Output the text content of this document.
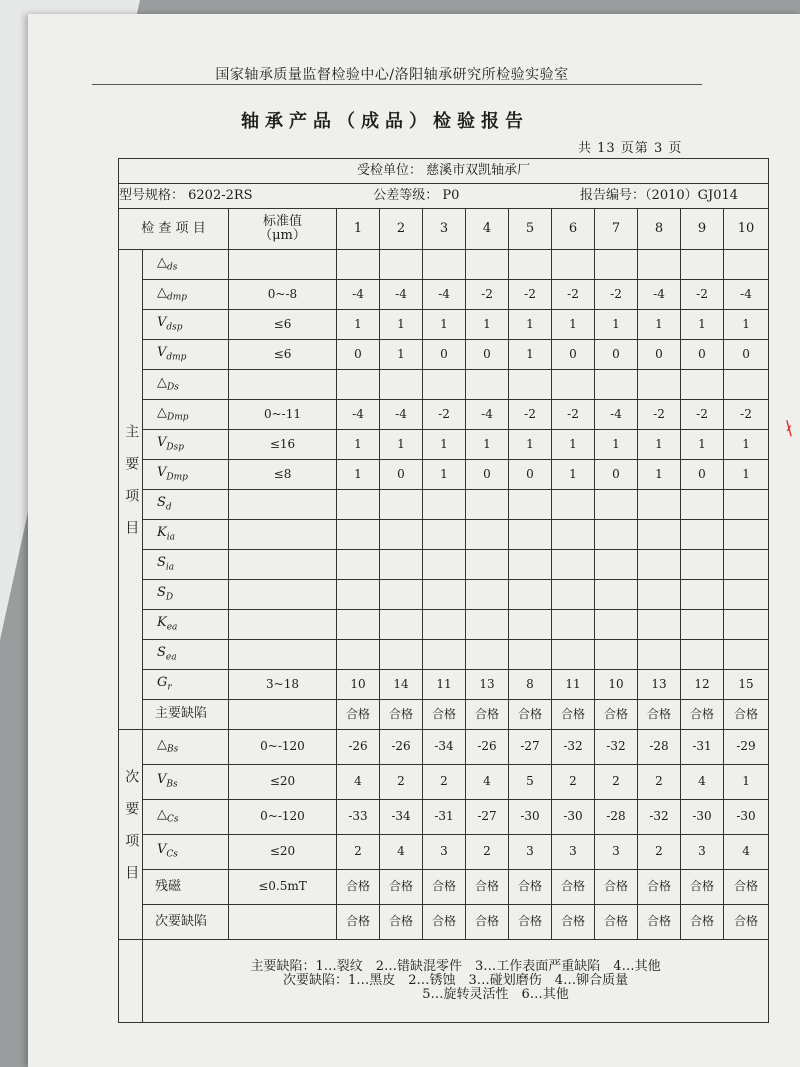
国家轴承质量监督检验中心/洛阳轴承研究所检验实验室
轴承产品（成品）检验报告
共 13 页第 3 页
受检单位： 慈溪市双凯轴承厂												

型号规格： 6202-2RS 公差等级： P0 报告编号：（2010）GJ014												

检 查 项 目		标准值
（μm）	1	2	3	4	5	6	7	8	9	10
主要项目	$\triangle_{ds}$											
	$\triangle_{dmp}$	0~-8	-4	-4	-4	-2	-2	-2	-2	-4	-2	-4
	$V_{dsp}$	≤6	1	1	1	1	1	1	1	1	1	1
	$V_{dmp}$	≤6	0	1	0	0	1	0	0	0	0	0
	$\triangle_{Ds}$											
	$\triangle_{Dmp}$	0~-11	-4	-4	-2	-4	-2	-2	-4	-2	-2	-2
	$V_{Dsp}$	≤16	1	1	1	1	1	1	1	1	1	1
	$V_{Dmp}$	≤8	1	0	1	0	0	1	0	1	0	1
	$S_d$											
	$K_{ia}$											
	$S_{ia}$											
	$S_D$											
	$K_{ea}$											
	$S_{ea}$											
	$G_r$	3~18	10	14	11	13	8	11	10	13	12	15
	主要缺陷		合格	合格	合格	合格	合格	合格	合格	合格	合格	合格
次要项目	$\triangle_{Bs}$	0~-120	-26	-26	-34	-26	-27	-32	-32	-28	-31	-29
	$V_{Bs}$	≤20	4	2	2	4	5	2	2	2	4	1
	$\triangle_{Cs}$	0~-120	-33	-34	-31	-27	-30	-30	-28	-32	-30	-30
	$V_{Cs}$	≤20	2	4	3	2	3	3	3	2	3	4
	残磁	≤0.5mT	合格	合格	合格	合格	合格	合格	合格	合格	合格	合格
	次要缺陷		合格	合格	合格	合格	合格	合格	合格	合格	合格	合格

	主要缺陷：1…裂纹　2…错缺混零件　3…工作表面严重缺陷　4…其他
次要缺陷：1…黑皮　2…锈蚀　3…碰划磨伤　4…铆合质量
5…旋转灵活性　6…其他											
∤
